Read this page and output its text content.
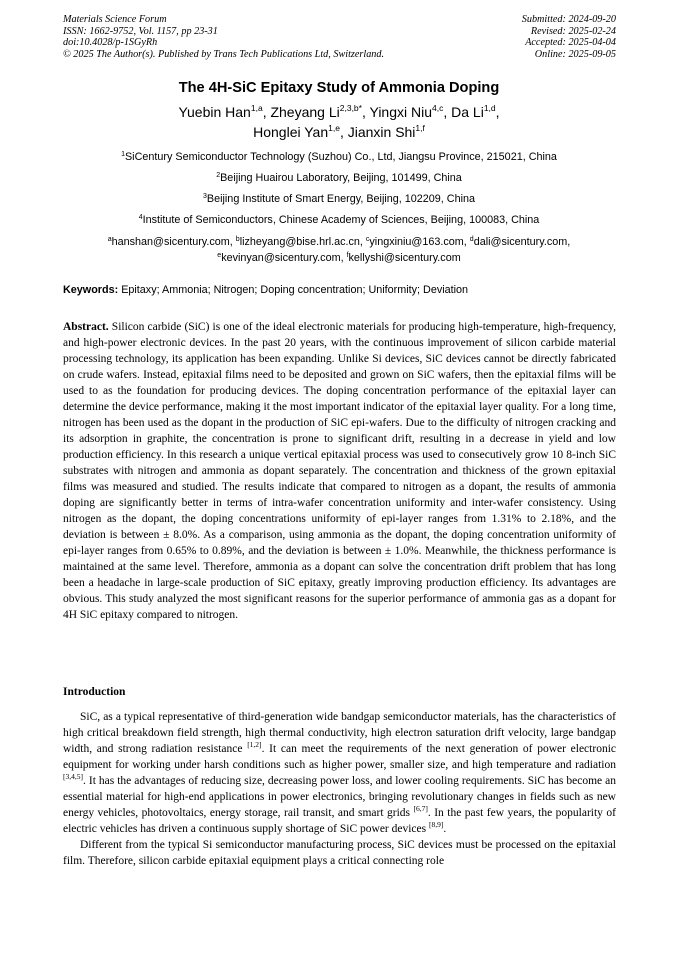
Materials Science Forum
ISSN: 1662-9752, Vol. 1157, pp 23-31
doi:10.4028/p-1SGyRh
© 2025 The Author(s). Published by Trans Tech Publications Ltd, Switzerland.
Submitted: 2024-09-20
Revised: 2025-02-24
Accepted: 2025-04-04
Online: 2025-09-05
The 4H-SiC Epitaxy Study of Ammonia Doping
Yuebin Han$^{1,a}$, Zheyang $Li^{2,3,b*}$, Yingxi Niu$^{4,c}$, Da Li$^{1,d}$,
Honglei Yan$^{1,e}$, Jianxin Shi$^{1,f}$
$^1$SiCentury Semiconductor Technology (Suzhou) Co., Ltd, Jiangsu Province, 215021, China
$^2$Beijing Huairou Laboratory, Beijing, 101499, China
$^3$Beijing Institute of Smart Energy, Beijing, 102209, China
$^4$Institute of Semiconductors, Chinese Academy of Sciences, Beijing, 100083, China
$^a$hanshan@sicentury.com, $^b$lizheyang@bise.hrl.ac.cn, $^c$yingxiniu@163.com, $^d$dali@sicentury.com,
$^e$kevinyan@sicentury.com, $^f$kellyshi@sicentury.com
Keywords: Epitaxy; Ammonia; Nitrogen; Doping concentration; Uniformity; Deviation
Abstract. Silicon carbide (SiC) is one of the ideal electronic materials for producing high-temperature, high-frequency, and high-power electronic devices. In the past 20 years, with the continuous improvement of silicon carbide material processing technology, its application has been expanding. Unlike Si devices, SiC devices cannot be directly fabricated on crude wafers. Instead, epitaxial films need to be deposited and grown on SiC wafers, then the epitaxial films will be used to as the foundation for producing devices. The doping concentration performance of the epitaxial layer can determine the device performance, making it the most important indicator of the epitaxial layer quality. For a long time, nitrogen has been used as the dopant in the production of SiC epi-wafers. Due to the difficulty of nitrogen cracking and its adsorption in graphite, the concentration is prone to significant drift, resulting in a decrease in yield and low production efficiency. In this research a unique vertical epitaxial process was used to consecutively grow 10 8-inch SiC substrates with nitrogen and ammonia as dopant separately. The concentration and thickness of the grown epitaxial films was measured and studied. The results indicate that compared to nitrogen as a dopant, the results of ammonia doping are significantly better in terms of intra-wafer concentration uniformity and inter-wafer consistency. Using nitrogen as the dopant, the doping concentrations uniformity of epi-layer ranges from 1.31% to 2.18%, and the deviation is between ± 8.0%. As a comparison, using ammonia as the dopant, the doping concentration uniformity of epi-layer ranges from 0.65% to 0.89%, and the deviation is between ± 1.0%. Meanwhile, the thickness performance is maintained at the same level. Therefore, ammonia as a dopant can solve the concentration drift problem that has long been a headache in large-scale production of SiC epitaxy, greatly improving production efficiency. Its advantages are obvious. This study analyzed the most significant reasons for the superior performance of ammonia gas as a dopant for 4H SiC epitaxy compared to nitrogen.
Introduction

SiC, as a typical representative of third-generation wide bandgap semiconductor materials, has the characteristics of high critical breakdown field strength, high thermal conductivity, high electron saturation drift velocity, large bandgap width, and strong radiation resistance [1,2]. It can meet the requirements of the next generation of power electronic equipment for working under harsh conditions such as higher power, smaller size, and high temperature and radiation [3,4,5]. It has the advantages of reducing size, decreasing power loss, and lower cooling requirements. SiC has become an essential material for high-end applications in power electronics, bringing revolutionary changes in fields such as new energy vehicles, photovoltaics, energy storage, rail transit, and smart grids [6,7]. In the past few years, the popularity of electric vehicles has driven a continuous supply shortage of SiC power devices [8,9].

Different from the typical Si semiconductor manufacturing process, SiC devices must be processed on the epitaxial film. Therefore, silicon carbide epitaxial equipment plays a critical connecting role
